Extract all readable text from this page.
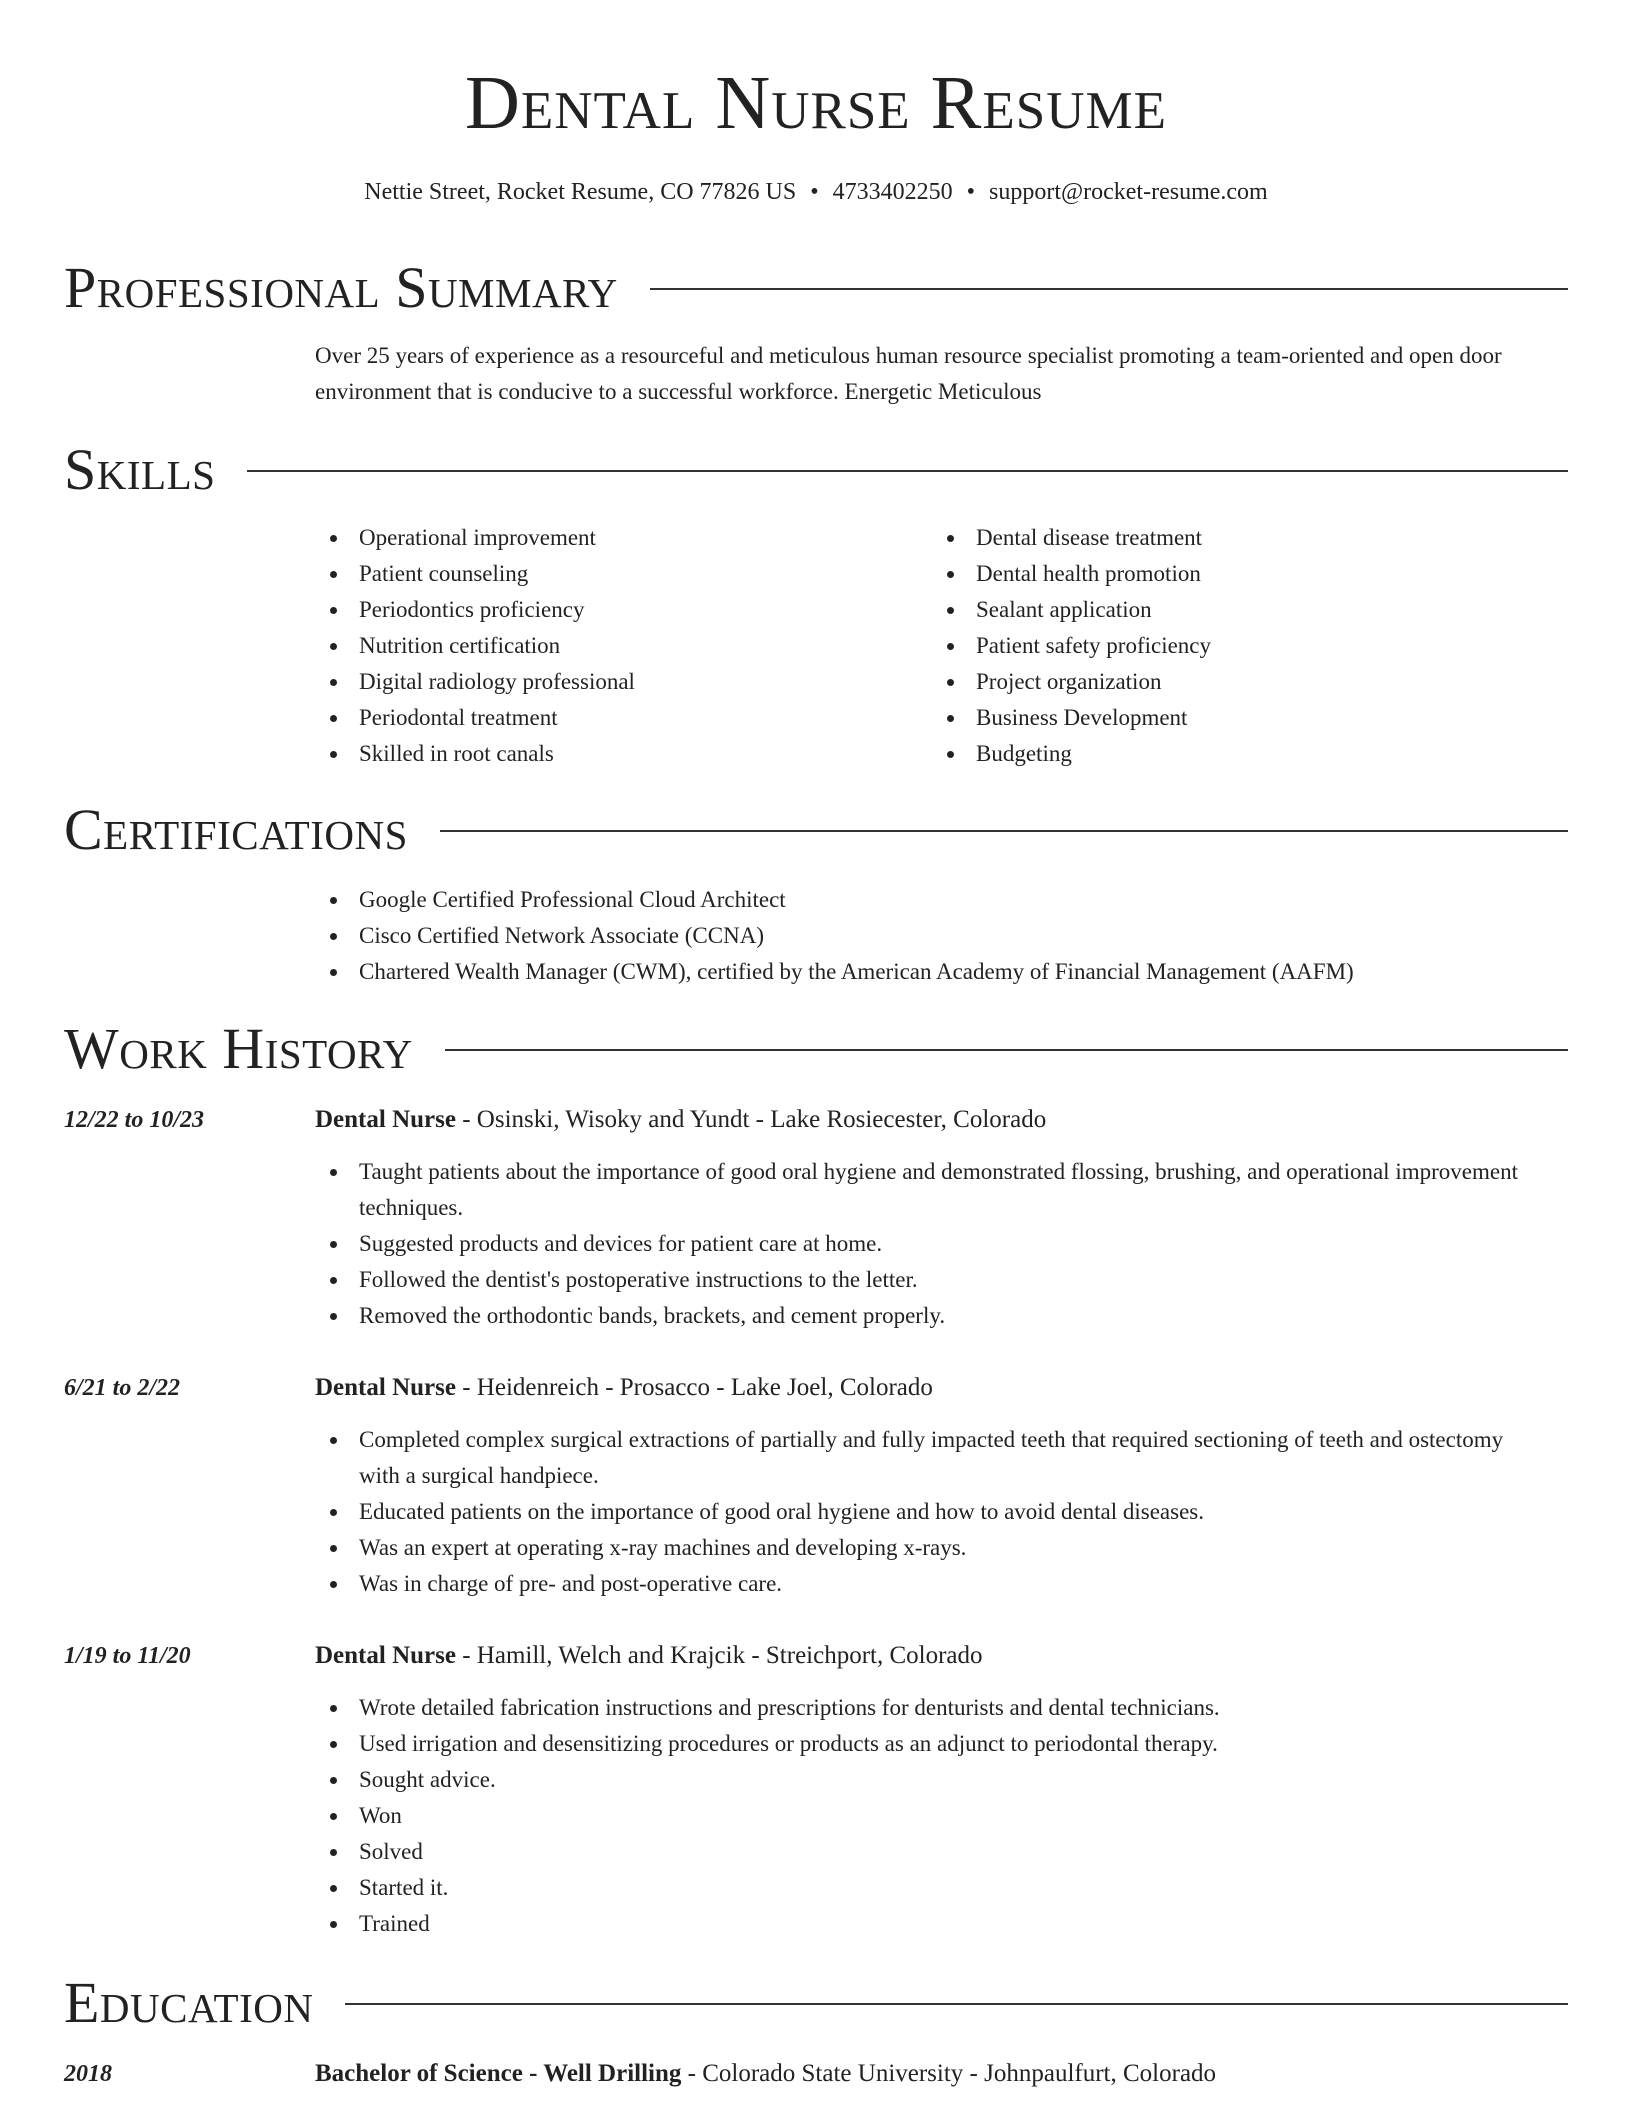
Dental Nurse Resume
Nettie Street, Rocket Resume, CO 77826 US • 4733402250 • support@rocket-resume.com
Professional Summary
Over 25 years of experience as a resourceful and meticulous human resource specialist promoting a team-oriented and open door environment that is conducive to a successful workforce. Energetic Meticulous
Skills
Operational improvement
Patient counseling
Periodontics proficiency
Nutrition certification
Digital radiology professional
Periodontal treatment
Skilled in root canals
Dental disease treatment
Dental health promotion
Sealant application
Patient safety proficiency
Project organization
Business Development
Budgeting
Certifications
Google Certified Professional Cloud Architect
Cisco Certified Network Associate (CCNA)
Chartered Wealth Manager (CWM), certified by the American Academy of Financial Management (AAFM)
Work History
12/22 to 10/23	Dental Nurse - Osinski, Wisoky and Yundt - Lake Rosiecester, Colorado
Taught patients about the importance of good oral hygiene and demonstrated flossing, brushing, and operational improvement techniques.
Suggested products and devices for patient care at home.
Followed the dentist's postoperative instructions to the letter.
Removed the orthodontic bands, brackets, and cement properly.
6/21 to 2/22	Dental Nurse - Heidenreich - Prosacco - Lake Joel, Colorado
Completed complex surgical extractions of partially and fully impacted teeth that required sectioning of teeth and ostectomy with a surgical handpiece.
Educated patients on the importance of good oral hygiene and how to avoid dental diseases.
Was an expert at operating x-ray machines and developing x-rays.
Was in charge of pre- and post-operative care.
1/19 to 11/20	Dental Nurse - Hamill, Welch and Krajcik - Streichport, Colorado
Wrote detailed fabrication instructions and prescriptions for denturists and dental technicians.
Used irrigation and desensitizing procedures or products as an adjunct to periodontal therapy.
Sought advice.
Won
Solved
Started it.
Trained
Education
2018	Bachelor of Science - Well Drilling - Colorado State University - Johnpaulfurt, Colorado
